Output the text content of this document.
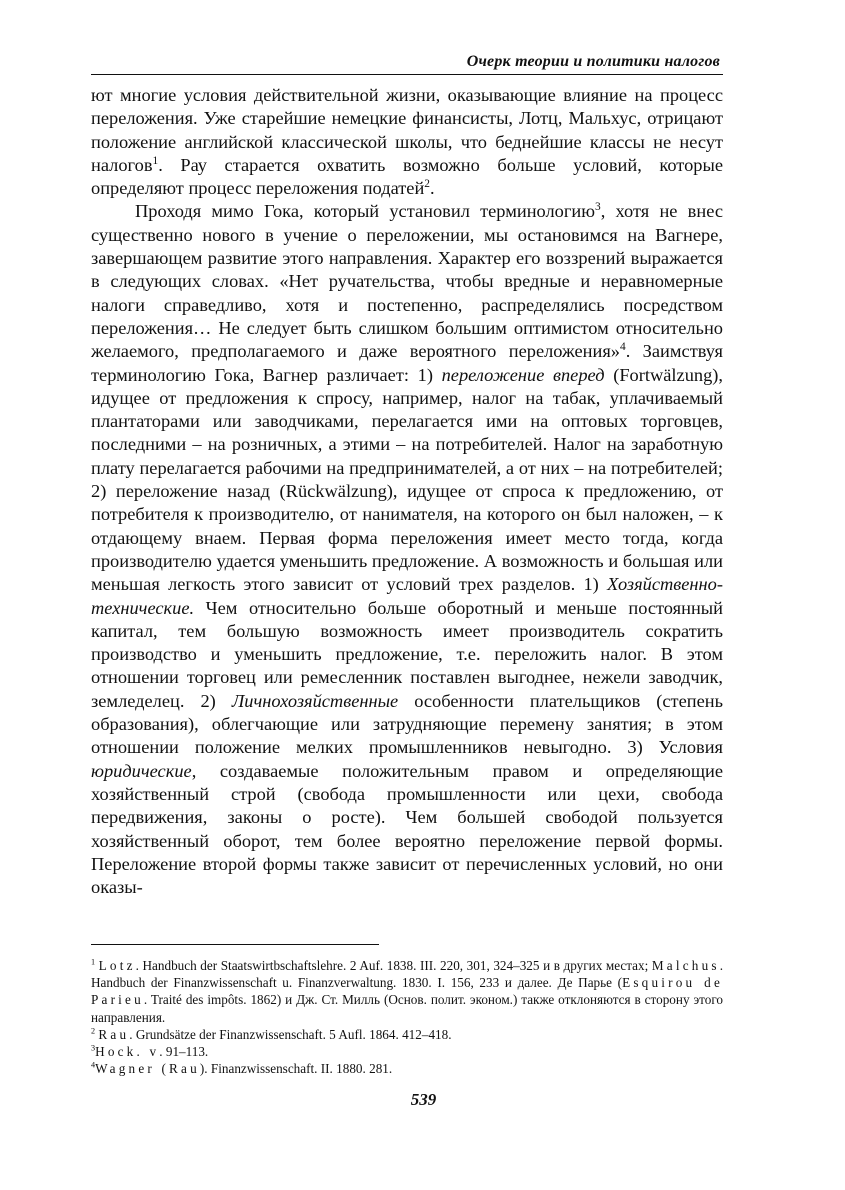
Очерк теории и политики налогов

ют многие условия действительной жизни, оказывающие влияние на процесс переложения. Уже старейшие немецкие финансисты, Лотц, Мальхус, отрицают положение английской классической школы, что беднейшие классы не несут налогов$^1$. Рау старается охватить возможно больше условий, которые определяют процесс переложения податей$^2$.

Проходя мимо Гока, который установил терминологию$^3$, хотя не внес существенно нового в учение о переложении, мы остановимся на Вагнере, завершающем развитие этого направления. Характер его воззрений выражается в следующих словах. «Нет ручательства, чтобы вредные и неравномерные налоги справедливо, хотя и постепенно, распределялись посредством переложения… Не следует быть слишком большим оптимистом относительно желаемого, предполагаемого и даже вероятного переложения»$^4$. Заимствуя терминологию Гока, Вагнер различает: 1) переложение вперед (Fortwälzung), идущее от предложения к спросу, например, налог на табак, уплачиваемый плантаторами или заводчиками, перелагается ими на оптовых торговцев, последними – на розничных, а этими – на потребителей. Налог на заработную плату перелагается рабочими на предпринимателей, а от них – на потребителей; 2) переложение назад (Rückwälzung), идущее от спроса к предложению, от потребителя к производителю, от нанимателя, на которого он был наложен, – к отдающему внаем. Первая форма переложения имеет место тогда, когда производителю удается уменьшить предложение. А возможность и большая или меньшая легкость этого зависит от условий трех разделов. 1) Хозяйственно-технические. Чем относительно больше оборотный и меньше постоянный капитал, тем большую возможность имеет производитель сократить производство и уменьшить предложение, т.е. переложить налог. В этом отношении торговец или ремесленник поставлен выгоднее, нежели заводчик, земледелец. 2) Личнохозяйственные особенности плательщиков (степень образования), облегчающие или затрудняющие перемену занятия; в этом отношении положение мелких промышленников невыгодно. 3) Условия юридические, создаваемые положительным правом и определяющие хозяйственный строй (свобода промышленности или цехи, свобода передвижения, законы о росте). Чем большей свободой пользуется хозяйственный оборот, тем более вероятно переложение первой формы. Переложение второй формы также зависит от перечисленных условий, но они оказы-

$^1$ Lotz. Handbuch der Staatswirtbschaftslehre. 2 Auf. 1838. III. 220, 301, 324–325 и в других местах; Malchus. Handbuch der Finanzwissenschaft u. Finanzverwaltung. 1830. I. 156, 233 и далее. Де Парье (Esquirou de Parieu. Traité des impôts. 1862) и Дж. Ст. Милль (Основ. полит. эконом.) также отклоняются в сторону этого направления.

$^2$ Rau. Grundsätze der Finanzwissenschaft. 5 Aufl. 1864. 412–418.

$^3$Hock. v. 91–113.

$^4$Wagner (Rau). Finanzwissenschaft. II. 1880. 281.

539
